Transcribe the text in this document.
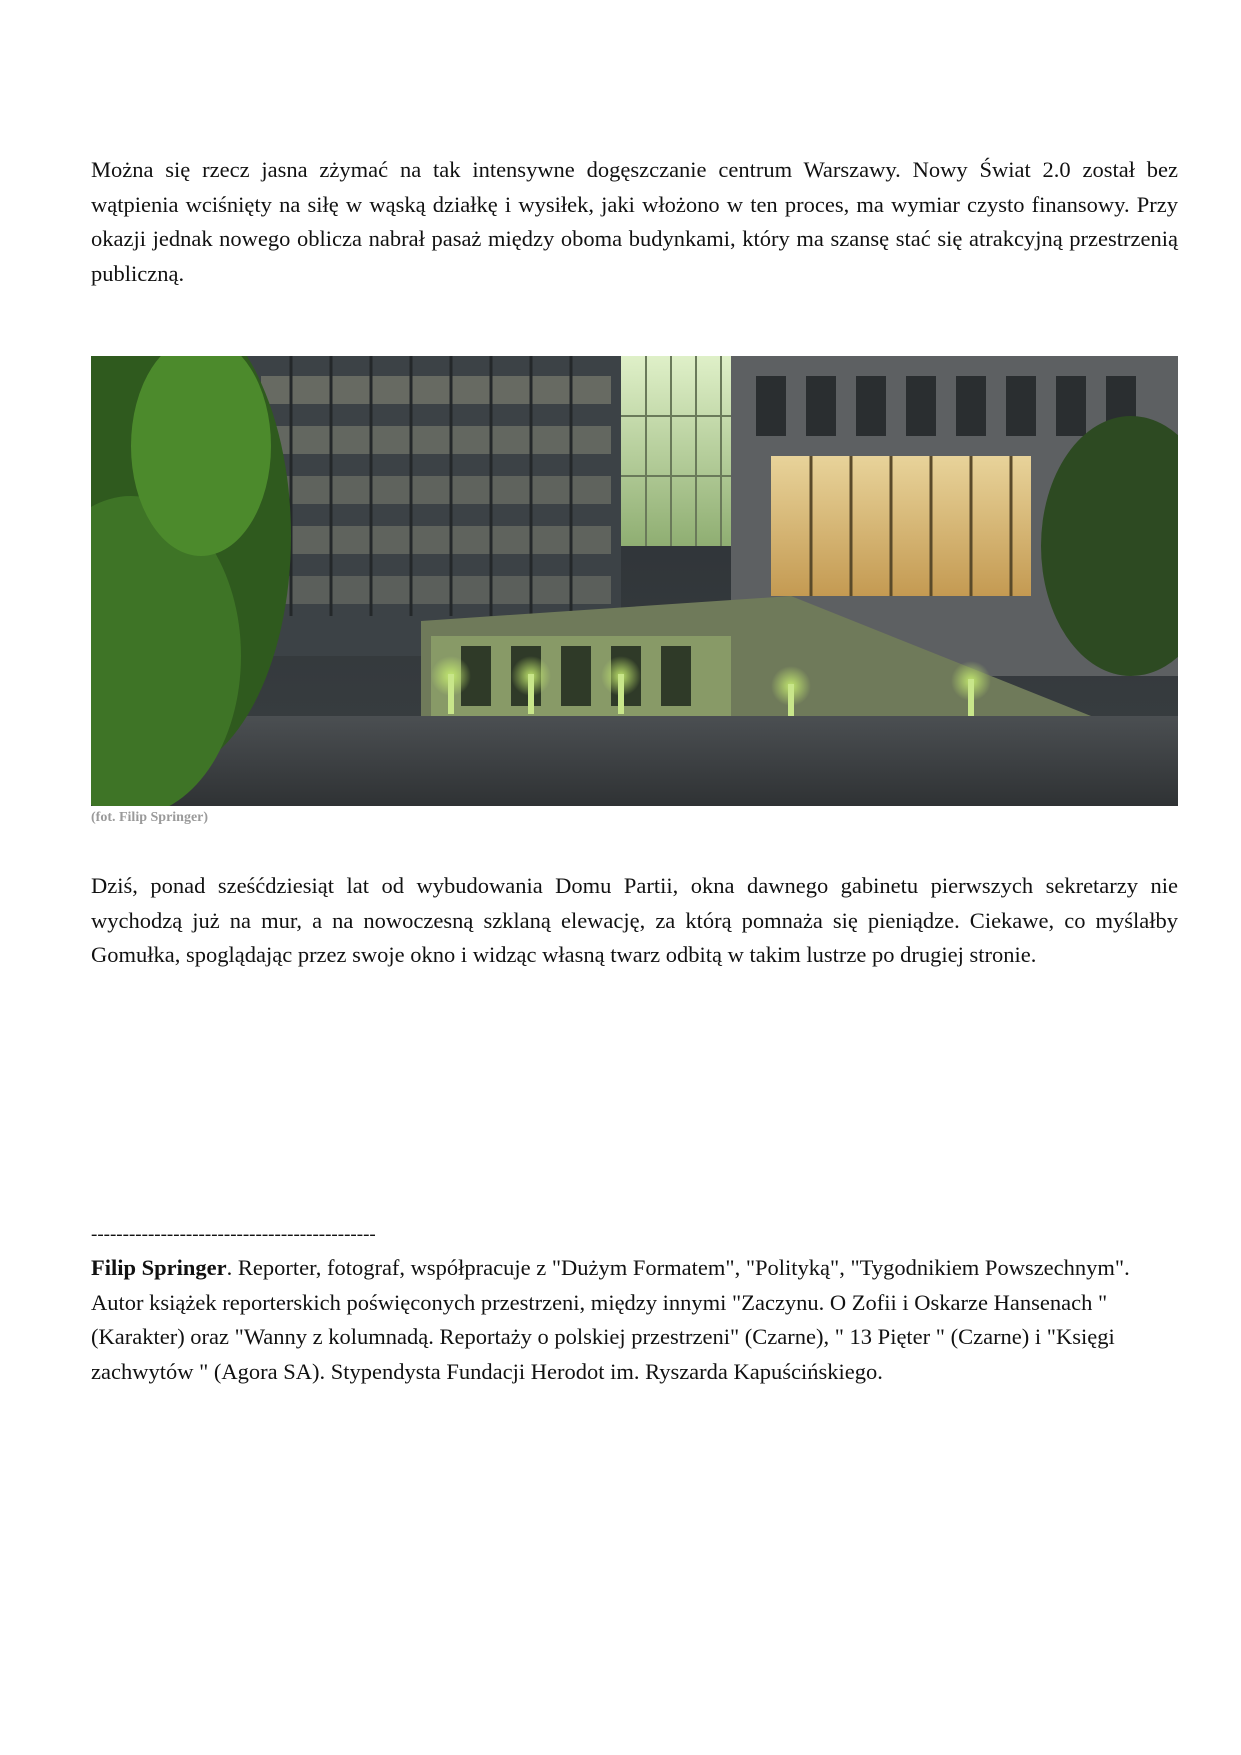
Można się rzecz jasna zżymać na tak intensywne dogęszczanie centrum Warszawy. Nowy Świat 2.0 został bez wątpienia wciśnięty na siłę w wąską działkę i wysiłek, jaki włożono w ten proces, ma wymiar czysto finansowy. Przy okazji jednak nowego oblicza nabrał pasaż między oboma budynkami, który ma szansę stać się atrakcyjną przestrzenią publiczną.

(fot. Filip Springer)

Dziś, ponad sześćdziesiąt lat od wybudowania Domu Partii, okna dawnego gabinetu pierwszych sekretarzy nie wychodzą już na mur, a na nowoczesną szklaną elewację, za którą pomnaża się pieniądze. Ciekawe, co myślałby Gomułka, spoglądając przez swoje okno i widząc własną twarz odbitą w takim lustrze po drugiej stronie.

---------------------------------------------

Filip Springer. Reporter, fotograf, współpracuje z "Dużym Formatem", "Polityką", "Tygodnikiem Powszechnym". Autor książek reporterskich poświęconych przestrzeni, między innymi "Zaczynu. O Zofii i Oskarze Hansenach " (Karakter) oraz "Wanny z kolumnadą. Reportaży o polskiej przestrzeni" (Czarne), " 13 Pięter " (Czarne) i "Księgi zachwytów " (Agora SA). Stypendysta Fundacji Herodot im. Ryszarda Kapuścińskiego.
